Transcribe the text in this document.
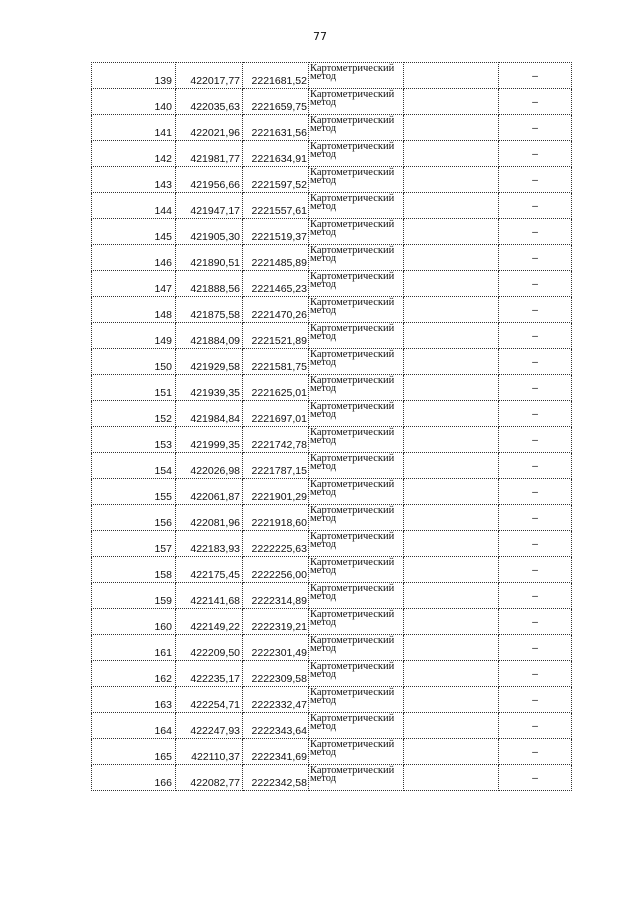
77
139	422017,77	2221681,52	Картометрический метод		–
140	422035,63	2221659,75	Картометрический метод		–
141	422021,96	2221631,56	Картометрический метод		–
142	421981,77	2221634,91	Картометрический метод		–
143	421956,66	2221597,52	Картометрический метод		–
144	421947,17	2221557,61	Картометрический метод		–
145	421905,30	2221519,37	Картометрический метод		–
146	421890,51	2221485,89	Картометрический метод		–
147	421888,56	2221465,23	Картометрический метод		–
148	421875,58	2221470,26	Картометрический метод		–
149	421884,09	2221521,89	Картометрический метод		–
150	421929,58	2221581,75	Картометрический метод		–
151	421939,35	2221625,01	Картометрический метод		–
152	421984,84	2221697,01	Картометрический метод		–
153	421999,35	2221742,78	Картометрический метод		–
154	422026,98	2221787,15	Картометрический метод		–
155	422061,87	2221901,29	Картометрический метод		–
156	422081,96	2221918,60	Картометрический метод		–
157	422183,93	2222225,63	Картометрический метод		–
158	422175,45	2222256,00	Картометрический метод		–
159	422141,68	2222314,89	Картометрический метод		–
160	422149,22	2222319,21	Картометрический метод		–
161	422209,50	2222301,49	Картометрический метод		–
162	422235,17	2222309,58	Картометрический метод		–
163	422254,71	2222332,47	Картометрический метод		–
164	422247,93	2222343,64	Картометрический метод		–
165	422110,37	2222341,69	Картометрический метод		–
166	422082,77	2222342,58	Картометрический метод		–
